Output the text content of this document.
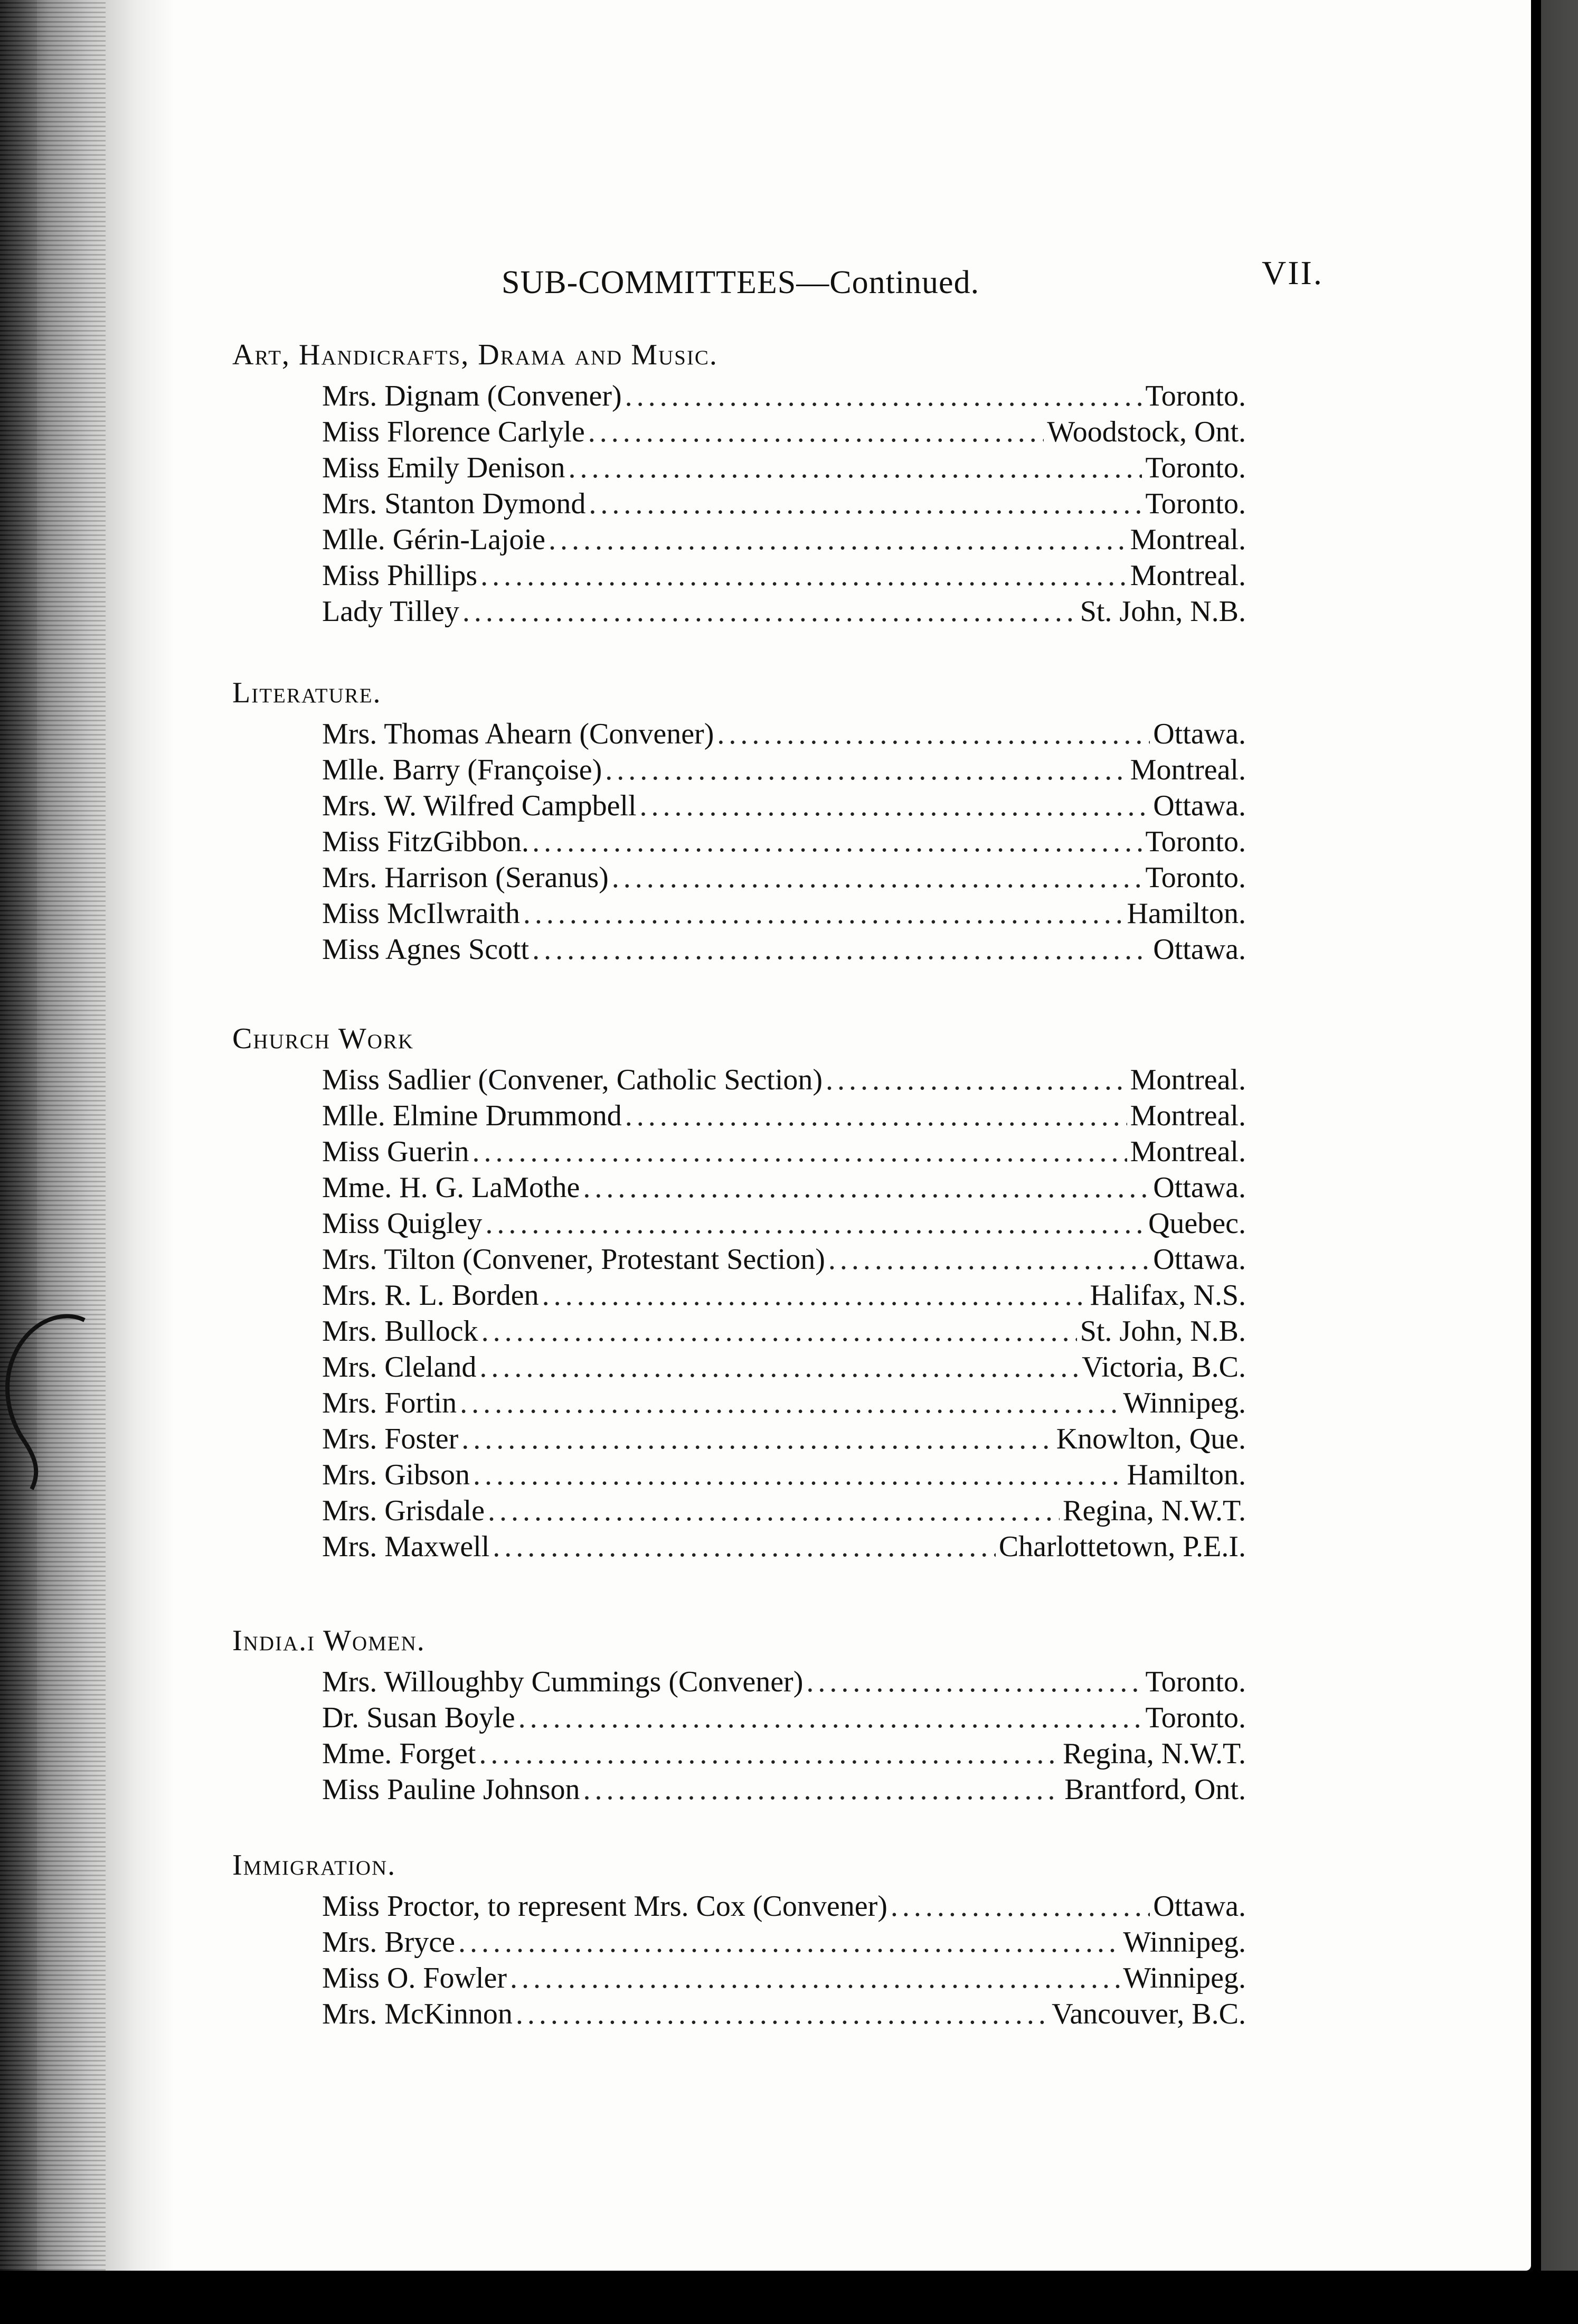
SUB-COMMITTEES—Continued.	VII.
Art, Handicrafts, Drama and Music.
Mrs. Dignam (Convener) .....	Toronto.
Miss Florence Carlyle .....	Woodstock, Ont.
Miss Emily Denison .....	Toronto.
Mrs. Stanton Dymond .....	Toronto.
Mlle. Gérin-Lajoie .....	Montreal.
Miss Phillips .....	Montreal.
Lady Tilley .....	St. John, N.B.
Literature.
Mrs. Thomas Ahearn (Convener) .....	Ottawa.
Mlle. Barry (Françoise) .....	Montreal.
Mrs. W. Wilfred Campbell .....	Ottawa.
Miss FitzGibbon. .....	Toronto.
Mrs. Harrison (Seranus) .....	Toronto.
Miss McIlwraith .....	Hamilton.
Miss Agnes Scott .....	Ottawa.
Church Work
Miss Sadlier (Convener, Catholic Section) .....	Montreal.
Mlle. Elmine Drummond .....	Montreal.
Miss Guerin .....	Montreal.
Mme. H. G. LaMothe .....	Ottawa.
Miss Quigley .....	Quebec.
Mrs. Tilton (Convener, Protestant Section) .....	Ottawa.
Mrs. R. L. Borden .....	Halifax, N.S.
Mrs. Bullock .....	St. John, N.B.
Mrs. Cleland .....	Victoria, B.C.
Mrs. Fortin .....	Winnipeg.
Mrs. Foster .....	Knowlton, Que.
Mrs. Gibson .....	Hamilton.
Mrs. Grisdale .....	Regina, N.W.T.
Mrs. Maxwell .....	Charlottetown, P.E.I.
India.i Women.
Mrs. Willoughby Cummings (Convener) .....	Toronto.
Dr. Susan Boyle .....	Toronto.
Mme. Forget .....	Regina, N.W.T.
Miss Pauline Johnson .....	Brantford, Ont.
Immigration.
Miss Proctor, to represent Mrs. Cox (Convener) .....	Ottawa.
Mrs. Bryce .....	Winnipeg.
Miss O. Fowler .....	Winnipeg.
Mrs. McKinnon .....	Vancouver, B.C.
